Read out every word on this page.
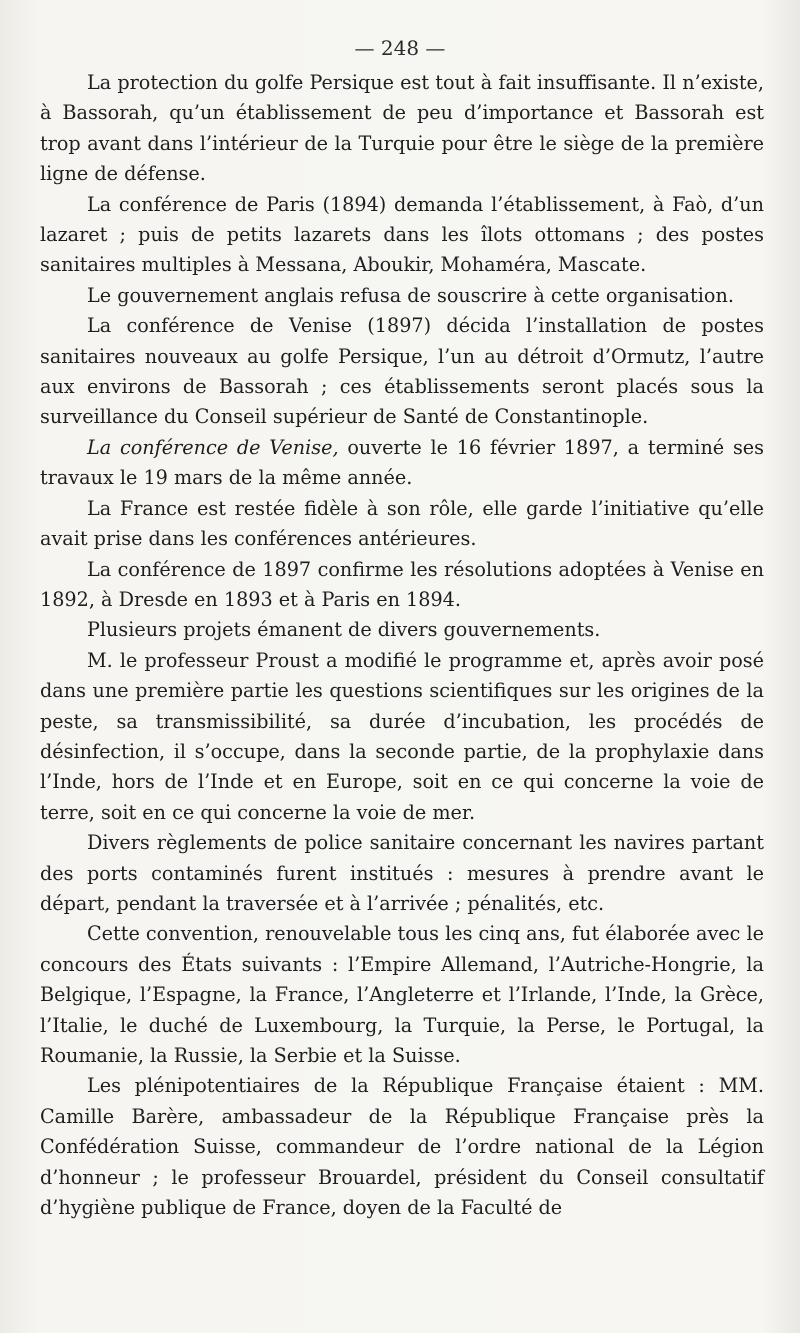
— 248 —

La protection du golfe Persique est tout à fait insuffisante. Il n’existe, à Bassorah, qu’un établissement de peu d’importance et Bassorah est trop avant dans l’intérieur de la Turquie pour être le siège de la première ligne de défense.

La conférence de Paris (1894) demanda l’établissement, à Faò, d’un lazaret ; puis de petits lazarets dans les îlots ottomans ; des postes sanitaires multiples à Messana, Aboukir, Mohaméra, Mascate.

Le gouvernement anglais refusa de souscrire à cette organisation.

La conférence de Venise (1897) décida l’installation de postes sanitaires nouveaux au golfe Persique, l’un au détroit d’Ormutz, l’autre aux environs de Bassorah ; ces établissements seront placés sous la surveillance du Conseil supérieur de Santé de Constantinople.

La conférence de Venise, ouverte le 16 février 1897, a terminé ses travaux le 19 mars de la même année.

La France est restée fidèle à son rôle, elle garde l’initiative qu’elle avait prise dans les conférences antérieures.

La conférence de 1897 confirme les résolutions adoptées à Venise en 1892, à Dresde en 1893 et à Paris en 1894.

Plusieurs projets émanent de divers gouvernements.

M. le professeur Proust a modifié le programme et, après avoir posé dans une première partie les questions scientifiques sur les origines de la peste, sa transmissibilité, sa durée d’incubation, les procédés de désinfection, il s’occupe, dans la seconde partie, de la prophylaxie dans l’Inde, hors de l’Inde et en Europe, soit en ce qui concerne la voie de terre, soit en ce qui concerne la voie de mer.

Divers règlements de police sanitaire concernant les navires partant des ports contaminés furent institués : mesures à prendre avant le départ, pendant la traversée et à l’arrivée ; pénalités, etc.

Cette convention, renouvelable tous les cinq ans, fut élaborée avec le concours des États suivants : l’Empire Allemand, l’Autriche-Hongrie, la Belgique, l’Espagne, la France, l’Angleterre et l’Irlande, l’Inde, la Grèce, l’Italie, le duché de Luxembourg, la Turquie, la Perse, le Portugal, la Roumanie, la Russie, la Serbie et la Suisse.

Les plénipotentiaires de la République Française étaient : MM. Camille Barère, ambassadeur de la République Française près la Confédération Suisse, commandeur de l’ordre national de la Légion d’honneur ; le professeur Brouardel, président du Conseil consultatif d’hygiène publique de France, doyen de la Faculté de
